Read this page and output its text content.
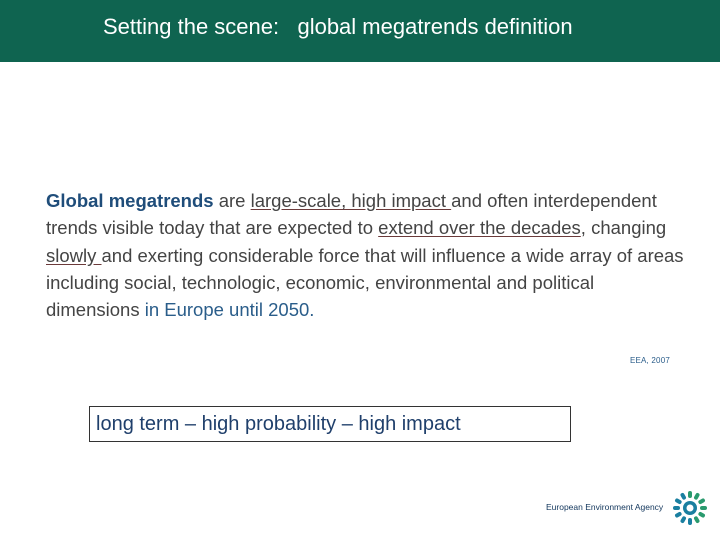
Setting the scene:   global megatrends definition
Global megatrends are large-scale, high impact and often interdependent trends visible today that are expected to extend over the decades, changing slowly and exerting considerable force that will influence a wide array of areas including social, technologic, economic, environmental and political dimensions in Europe until 2050.
EEA, 2007
long term – high probability – high impact
European Environment Agency
